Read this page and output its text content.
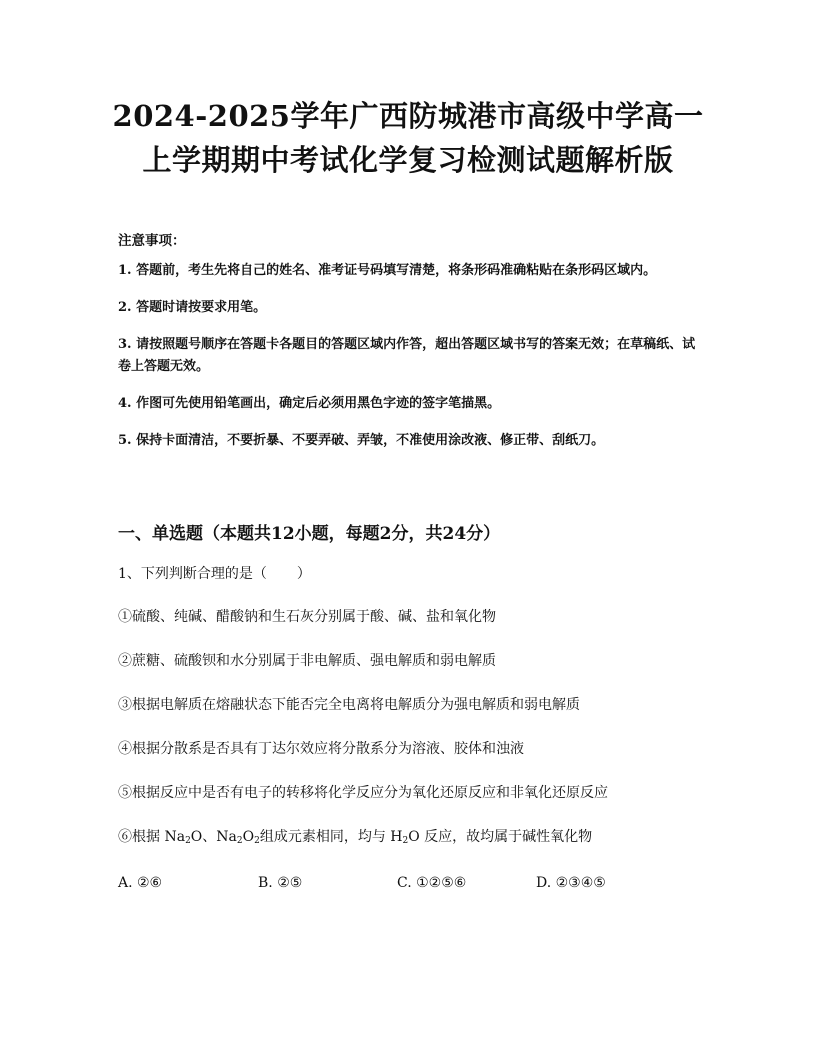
2024-2025学年广西防城港市高级中学高一
上学期期中考试化学复习检测试题解析版

注意事项：

1. 答题前，考生先将自己的姓名、准考证号码填写清楚，将条形码准确粘贴在条形码区域内。
2. 答题时请按要求用笔。
3. 请按照题号顺序在答题卡各题目的答题区域内作答，超出答题区域书写的答案无效；在草稿纸、试卷上答题无效。
4. 作图可先使用铅笔画出，确定后必须用黑色字迹的签字笔描黑。
5. 保持卡面清洁，不要折暴、不要弄破、弄皱，不准使用涂改液、修正带、刮纸刀。

一、单选题（本题共12小题，每题2分，共24分）

1、下列判断合理的是（ ）

①硫酸、纯碱、醋酸钠和生石灰分别属于酸、碱、盐和氧化物

②蔗糖、硫酸钡和水分别属于非电解质、强电解质和弱电解质

③根据电解质在熔融状态下能否完全电离将电解质分为强电解质和弱电解质

④根据分散系是否具有丁达尔效应将分散系分为溶液、胶体和浊液

⑤根据反应中是否有电子的转移将化学反应分为氧化还原反应和非氧化还原反应

⑥根据 $Na_2O$、$Na_2O_2$组成元素相同，均与 $H_2O$ 反应，故均属于碱性氧化物

A. ②⑥	B. ②⑤	C. ①②⑤⑥	D. ②③④⑤
